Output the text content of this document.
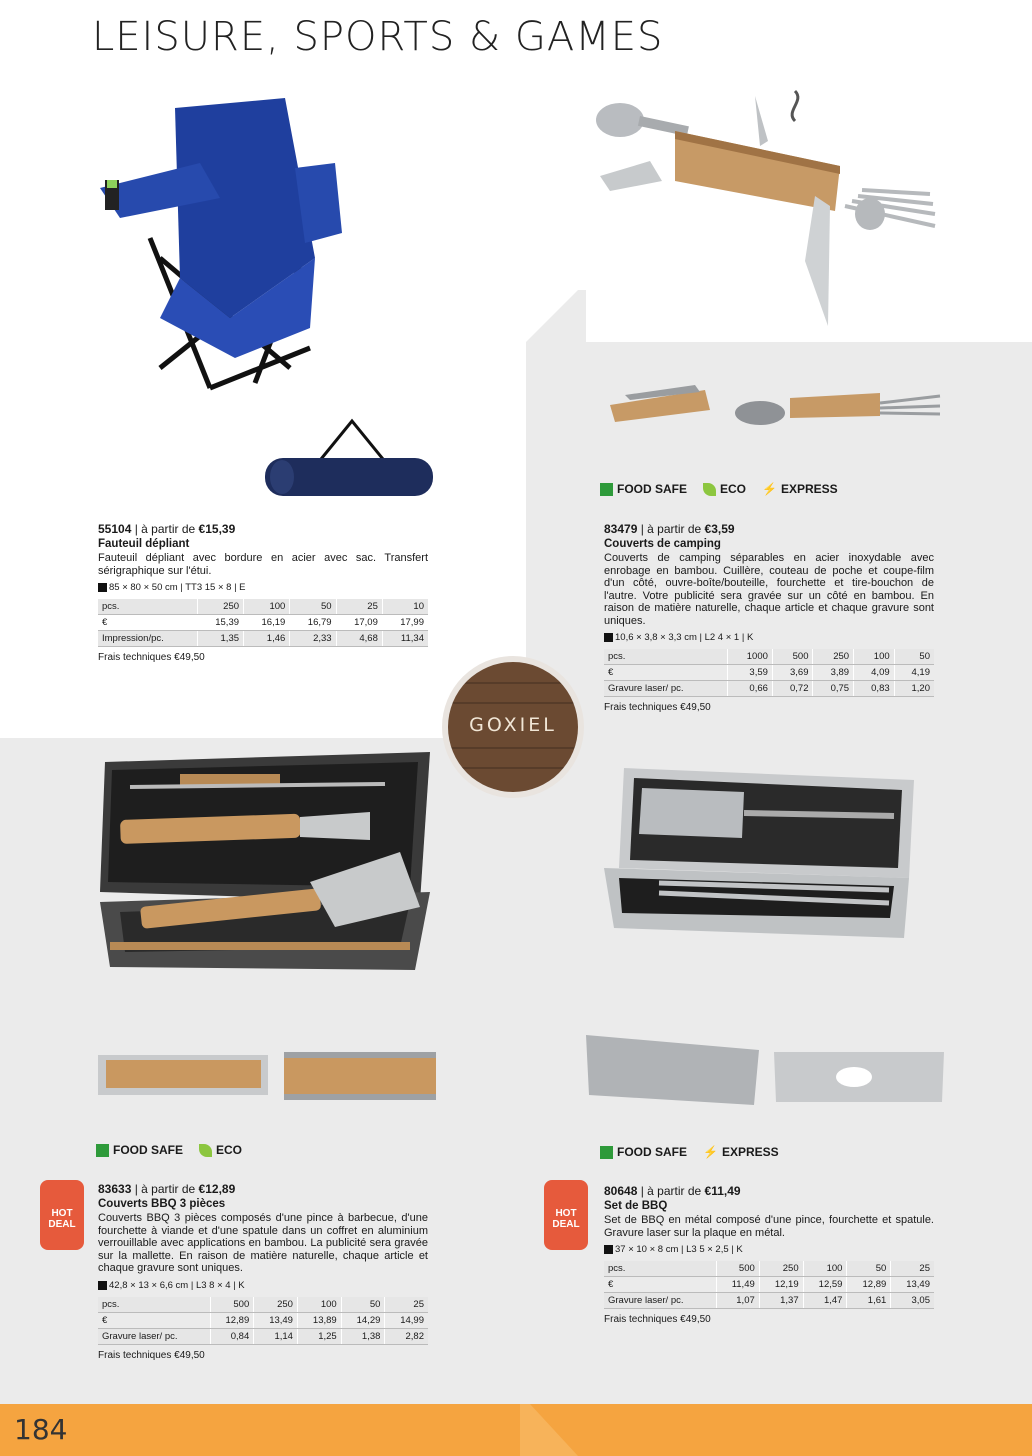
LEISURE, SPORTS & GAMES
GOXIEL
FOOD SAFE	ECO ⚡ EXPRESS
FOOD SAFE	ECO	FOOD SAFE ⚡ EXPRESS
HOT
DEAL
HOT
DEAL
55104 | à partir de €15,39
Fauteuil dépliant
Fauteuil dépliant avec bordure en acier avec sac. Transfert sérigraphique sur l'étui.
85 × 80 × 50 cm | TT3 15 × 8 | E
pcs.	250	100	50	25	10
€	15,39	16,19	16,79	17,09	17,99
Impression/pc.	1,35	1,46	2,33	4,68	11,34
Frais techniques €49,50
83479 | à partir de €3,59
Couverts de camping
Couverts de camping séparables en acier inoxydable avec enrobage en bambou. Cuillère, couteau de poche et coupe-film d'un côté, ouvre-boîte/bouteille, fourchette et tire-bouchon de l'autre. Votre publicité sera gravée sur un côté en bambou. En raison de matière naturelle, chaque article et chaque gravure sont uniques.
10,6 × 3,8 × 3,3 cm | L2 4 × 1 | K
pcs.	1000	500	250	100	50
€	3,59	3,69	3,89	4,09	4,19
Gravure laser/ pc.	0,66	0,72	0,75	0,83	1,20
Frais techniques €49,50
83633 | à partir de €12,89
Couverts BBQ 3 pièces
Couverts BBQ 3 pièces composés d'une pince à barbecue, d'une fourchette à viande et d'une spatule dans un coffret en aluminium verrouillable avec applications en bambou. La publicité sera gravée sur la mallette. En raison de matière naturelle, chaque article et chaque gravure sont uniques.
42,8 × 13 × 6,6 cm | L3 8 × 4 | K
pcs.	500	250	100	50	25
€	12,89	13,49	13,89	14,29	14,99
Gravure laser/ pc.	0,84	1,14	1,25	1,38	2,82
Frais techniques €49,50
80648 | à partir de €11,49
Set de BBQ
Set de BBQ en métal composé d'une pince, fourchette et spatule. Gravure laser sur la plaque en métal.
37 × 10 × 8 cm | L3 5 × 2,5 | K
pcs.	500	250	100	50	25
€	11,49	12,19	12,59	12,89	13,49
Gravure laser/ pc.	1,07	1,37	1,47	1,61	3,05
Frais techniques €49,50
184
